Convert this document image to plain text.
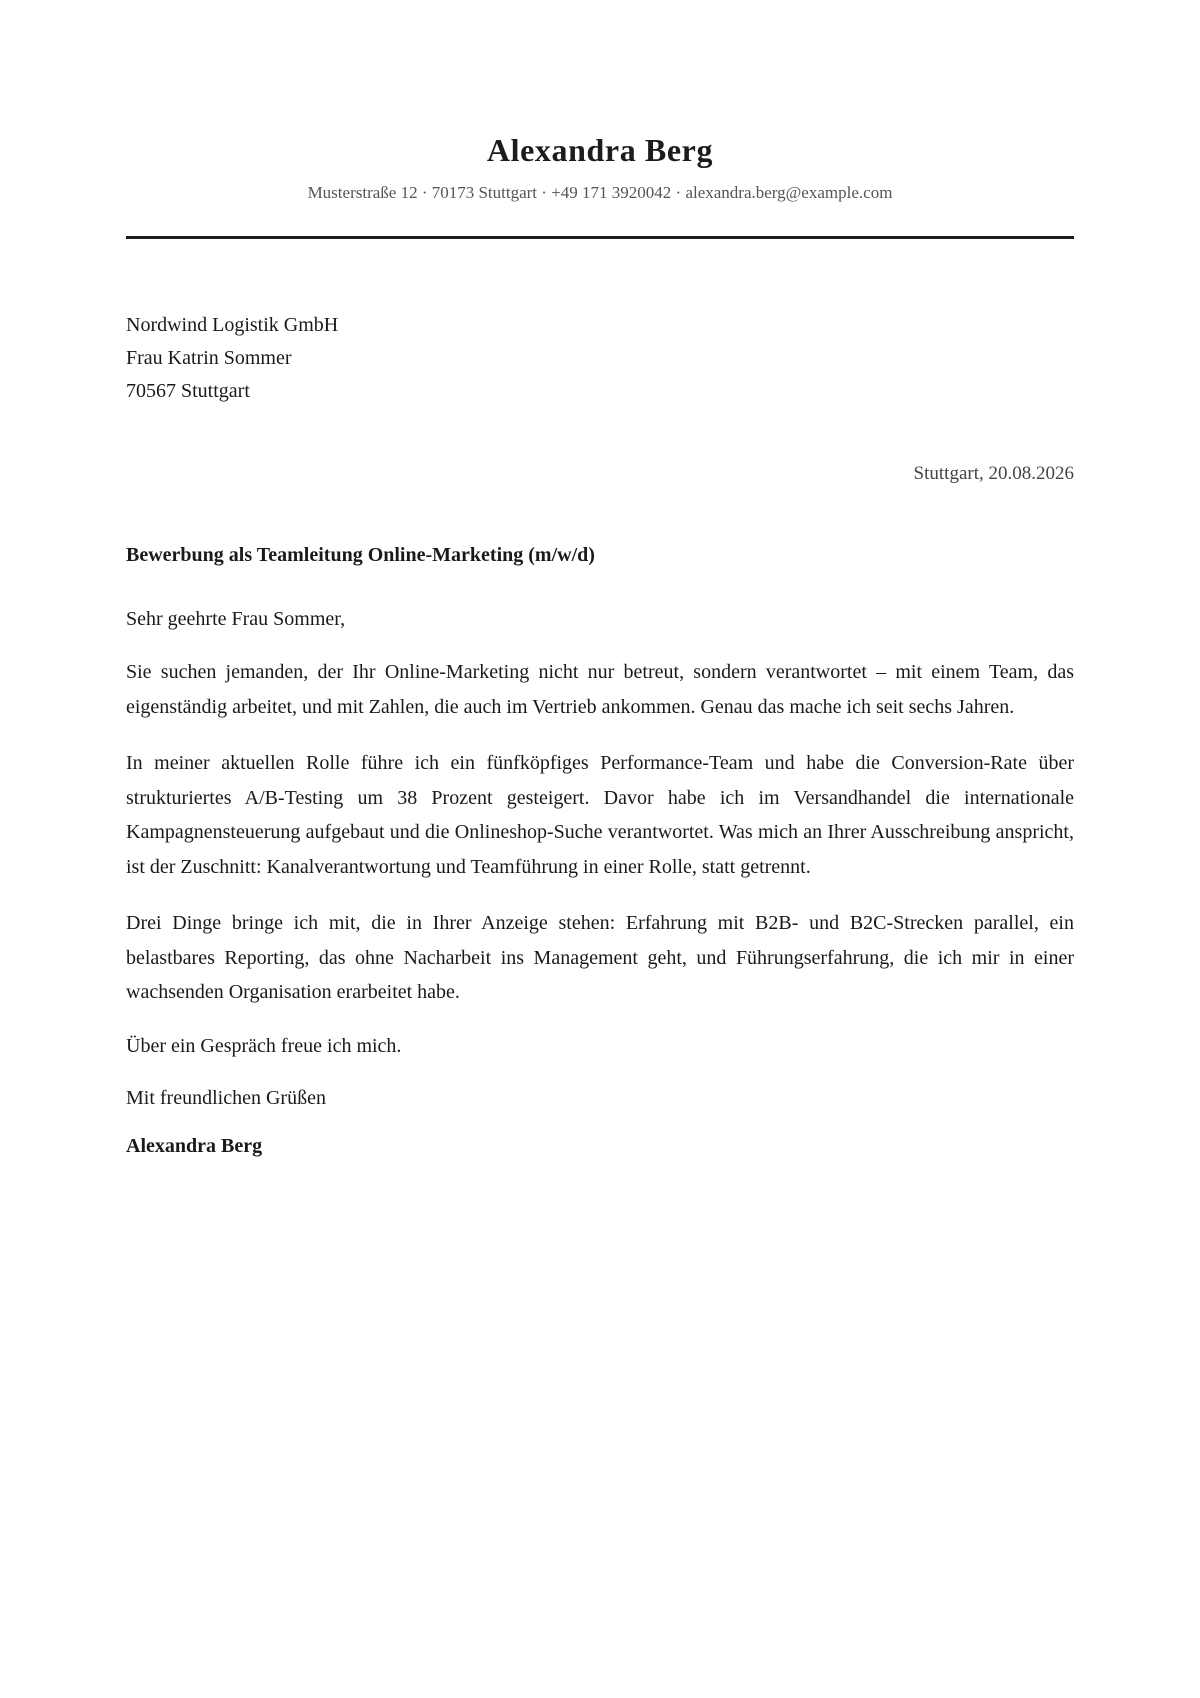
Alexandra Berg
Musterstraße 12 · 70173 Stuttgart · +49 171 3920042 · alexandra.berg@example.com
Nordwind Logistik GmbH
Frau Katrin Sommer
70567 Stuttgart
Stuttgart, 20.08.2026
Bewerbung als Teamleitung Online-Marketing (m/w/d)
Sehr geehrte Frau Sommer,
Sie suchen jemanden, der Ihr Online-Marketing nicht nur betreut, sondern verantwortet – mit einem Team, das eigenständig arbeitet, und mit Zahlen, die auch im Vertrieb ankommen. Genau das mache ich seit sechs Jahren.
In meiner aktuellen Rolle führe ich ein fünfköpfiges Performance-Team und habe die Conversion-Rate über strukturiertes A/B-Testing um 38 Prozent gesteigert. Davor habe ich im Versandhandel die internationale Kampagnensteuerung aufgebaut und die Onlineshop-Suche verantwortet. Was mich an Ihrer Ausschreibung anspricht, ist der Zuschnitt: Kanalverantwortung und Teamführung in einer Rolle, statt getrennt.
Drei Dinge bringe ich mit, die in Ihrer Anzeige stehen: Erfahrung mit B2B- und B2C-Strecken parallel, ein belastbares Reporting, das ohne Nacharbeit ins Management geht, und Führungserfahrung, die ich mir in einer wachsenden Organisation erarbeitet habe.
Über ein Gespräch freue ich mich.
Mit freundlichen Grüßen
Alexandra Berg
